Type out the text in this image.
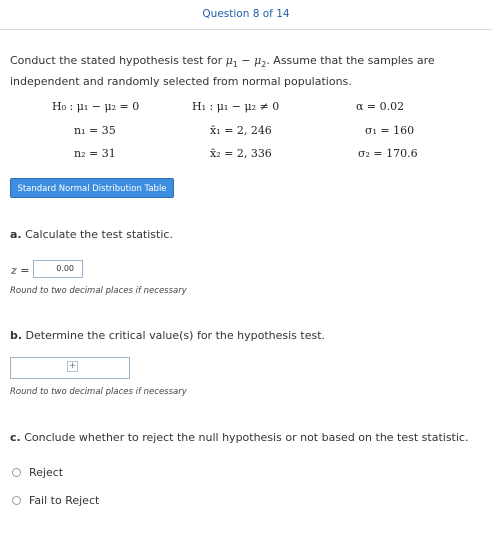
Question 8 of 14
Conduct the stated hypothesis test for $\mu_1 - \mu_2$. Assume that the samples are independent and randomly selected from normal populations.
H₀ : μ₁ − μ₂ = 0	H₁ : μ₁ − μ₂ ≠ 0	α = 0.02
n₁ = 35	x̄₁ = 2, 246	σ₁ = 160
n₂ = 31	x̄₂ = 2, 336	σ₂ = 170.6
Standard Normal Distribution Table
a. Calculate the test statistic.
z =	0.00
Round to two decimal places if necessary
b. Determine the critical value(s) for the hypothesis test.
+
Round to two decimal places if necessary
c. Conclude whether to reject the null hypothesis or not based on the test statistic.
Reject
Fail to Reject
